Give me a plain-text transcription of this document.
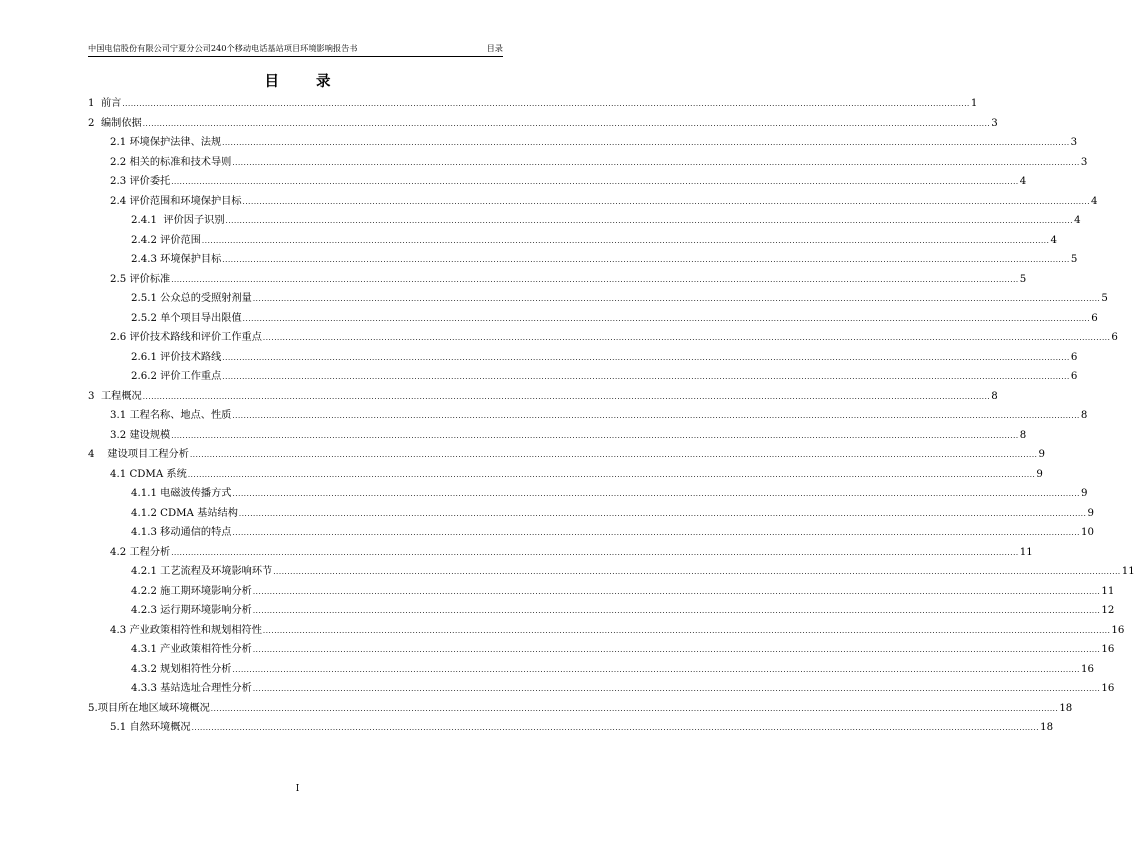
中国电信股份有限公司宁夏分公司240个移动电话基站项目环境影响报告书	目录
目 录
1  前言 ............................................................................................................................................................................................................................................................................................................ 1
2  编制依据 ............................................................................................................................................................................................................................................................................................................ 3
2.1 环境保护法律、法规 ............................................................................................................................................................................................................................................................................................................ 3
2.2 相关的标准和技术导则 ............................................................................................................................................................................................................................................................................................................ 3
2.3 评价委托 ............................................................................................................................................................................................................................................................................................................ 4
2.4 评价范围和环境保护目标 ............................................................................................................................................................................................................................................................................................................ 4
2.4.1  评价因子识别 ............................................................................................................................................................................................................................................................................................................ 4
2.4.2 评价范围 ............................................................................................................................................................................................................................................................................................................ 4
2.4.3 环境保护目标 ............................................................................................................................................................................................................................................................................................................ 5
2.5 评价标准 ............................................................................................................................................................................................................................................................................................................ 5
2.5.1 公众总的受照射剂量 ............................................................................................................................................................................................................................................................................................................ 5
2.5.2 单个项目导出限值 ............................................................................................................................................................................................................................................................................................................ 6
2.6 评价技术路线和评价工作重点 ............................................................................................................................................................................................................................................................................................................ 6
2.6.1 评价技术路线 ............................................................................................................................................................................................................................................................................................................ 6
2.6.2 评价工作重点 ............................................................................................................................................................................................................................................................................................................ 6
3  工程概况 ............................................................................................................................................................................................................................................................................................................ 8
3.1 工程名称、地点、性质 ............................................................................................................................................................................................................................................................................................................ 8
3.2 建设规模 ............................................................................................................................................................................................................................................................................................................ 8
4    建设项目工程分析 ............................................................................................................................................................................................................................................................................................................ 9
4.1 CDMA 系统 ............................................................................................................................................................................................................................................................................................................ 9
4.1.1 电磁波传播方式 ............................................................................................................................................................................................................................................................................................................ 9
4.1.2 CDMA 基站结构 ............................................................................................................................................................................................................................................................................................................ 9
4.1.3 移动通信的特点 ............................................................................................................................................................................................................................................................................................................ 10
4.2 工程分析 ............................................................................................................................................................................................................................................................................................................ 11
4.2.1 工艺流程及环境影响环节 ............................................................................................................................................................................................................................................................................................................ 11
4.2.2 施工期环境影响分析 ............................................................................................................................................................................................................................................................................................................ 11
4.2.3 运行期环境影响分析 ............................................................................................................................................................................................................................................................................................................ 12
4.3 产业政策相符性和规划相符性 ............................................................................................................................................................................................................................................................................................................ 16
4.3.1 产业政策相符性分析 ............................................................................................................................................................................................................................................................................................................ 16
4.3.2 规划相符性分析 ............................................................................................................................................................................................................................................................................................................ 16
4.3.3 基站选址合理性分析 ............................................................................................................................................................................................................................................................................................................ 16
5.项目所在地区域环境概况 ............................................................................................................................................................................................................................................................................................................ 18
5.1 自然环境概况 ............................................................................................................................................................................................................................................................................................................ 18
I
